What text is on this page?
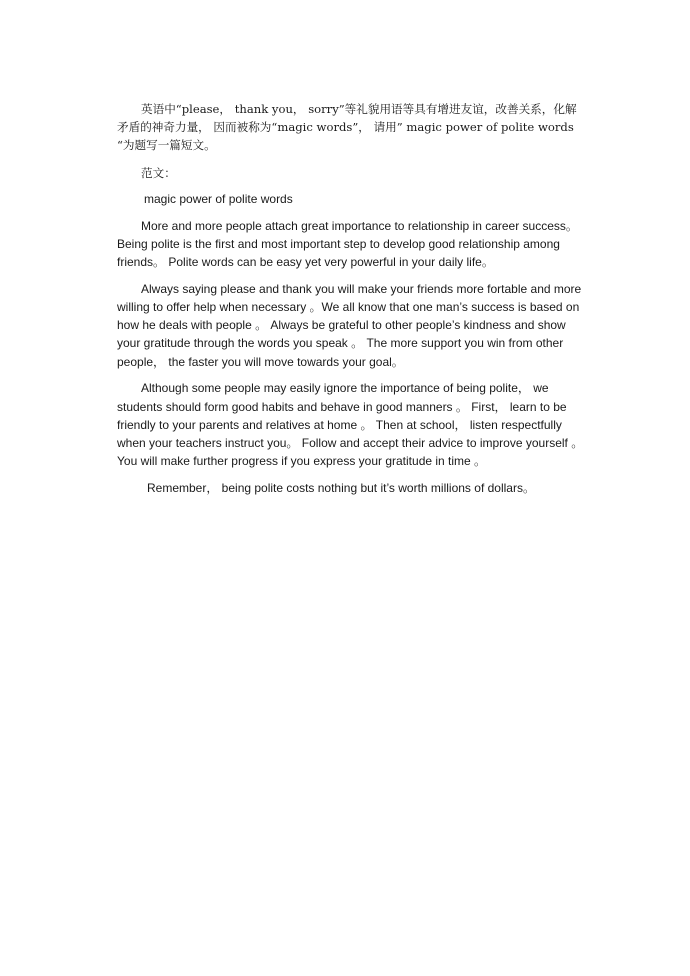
英语中“please， thank you， sorry”等礼貌用语等具有增进友谊，改善关系，化解矛盾的神奇力量， 因而被称为“magic words”， 请用” magic power of polite words “为题写一篇短文。

范文：

magic power of polite words

More and more people attach great importance to relationship in career success。Being polite is the first and most important step to develop good relationship among friends。 Polite words can be easy yet very powerful in your daily life。

Always saying please and thank you will make your friends more fortable and more willing to offer help when necessary 。We all know that one man’s success is based on how he deals with people 。 Always be grateful to other people’s kindness and show your gratitude through the words you speak 。 The more support you win from other people， the faster you will move towards your goal。

Although some people may easily ignore the importance of being polite， we students should form good habits and behave in good manners 。 First， learn to be friendly to your parents and relatives at home 。 Then at school， listen respectfully when your teachers instruct you。 Follow and accept their advice to improve yourself 。 You will make further progress if you express your gratitude in time 。

Remember， being polite costs nothing but it’s worth millions of dollars。
